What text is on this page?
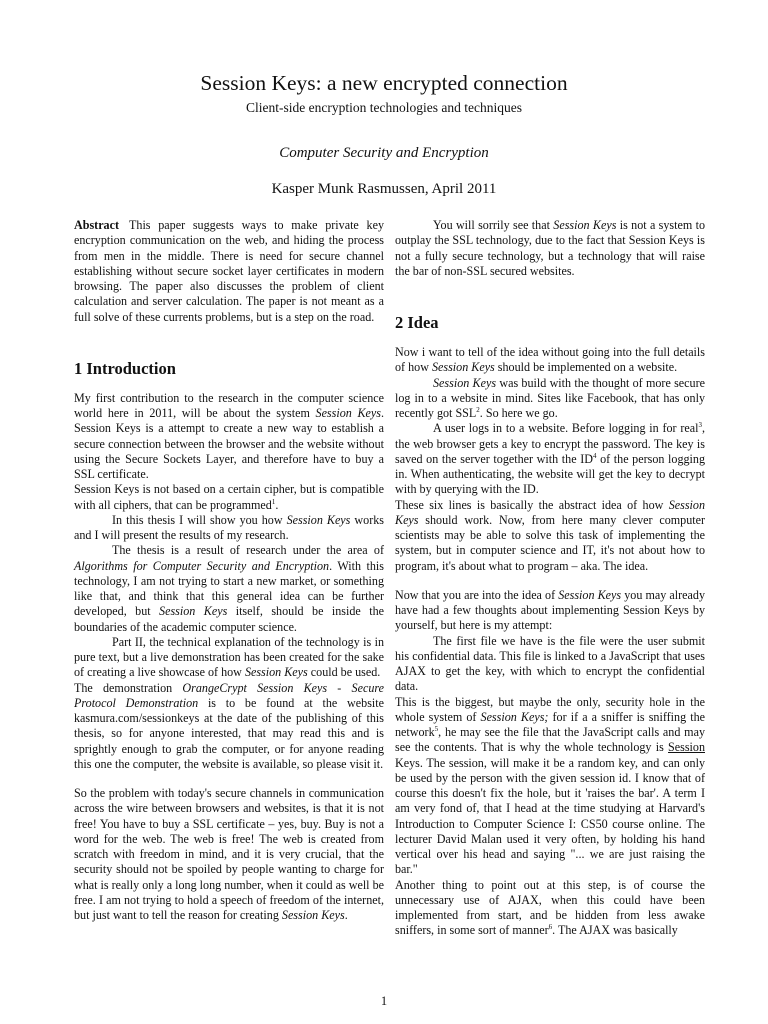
Session Keys: a new encrypted connection
Client-side encryption technologies and techniques
Computer Security and Encryption
Kasper Munk Rasmussen, April 2011

Abstract This paper suggests ways to make private key encryption communication on the web, and hiding the process from men in the middle. There is need for secure channel establishing without secure socket layer certificates in modern browsing. The paper also discusses the problem of client calculation and server calculation. The paper is not meant as a full solve of these currents problems, but is a step on the road.

1 Introduction

My first contribution to the research in the computer science world here in 2011, will be about the system Session Keys. Session Keys is a attempt to create a new way to establish a secure connection between the browser and the website without using the Secure Sockets Layer, and therefore have to buy a SSL certificate.

Session Keys is not based on a certain cipher, but is compatible with all ciphers, that can be programmed$^1$.

In this thesis I will show you how Session Keys works and I will present the results of my research.

The thesis is a result of research under the area of Algorithms for Computer Security and Encryption. With this technology, I am not trying to start a new market, or something like that, and think that this general idea can be further developed, but Session Keys itself, should be inside the boundaries of the academic computer science.

Part II, the technical explanation of the technology is in pure text, but a live demonstration has been created for the sake of creating a live showcase of how Session Keys could be used.

The demonstration OrangeCrypt Session Keys - Secure Protocol Demonstration is to be found at the website kasmura.com/sessionkeys at the date of the publishing of this thesis, so for anyone interested, that may read this and is sprightly enough to grab the computer, or for anyone reading this one the computer, the website is available, so please visit it.

So the problem with today's secure channels in communication across the wire between browsers and websites, is that it is not free! You have to buy a SSL certificate – yes, buy. Buy is not a word for the web. The web is free! The web is created from scratch with freedom in mind, and it is very crucial, that the security should not be spoiled by people wanting to charge for what is really only a long long number, when it could as well be free. I am not trying to hold a speech of freedom of the internet, but just want to tell the reason for creating Session Keys.

You will sorrily see that Session Keys is not a system to outplay the SSL technology, due to the fact that Session Keys is not a fully secure technology, but a technology that will raise the bar of non-SSL secured websites.

2 Idea

Now i want to tell of the idea without going into the full details of how Session Keys should be implemented on a website.

Session Keys was build with the thought of more secure log in to a website in mind. Sites like Facebook, that has only recently got SSL$^2$. So here we go.

A user logs in to a website. Before logging in for real$^3$, the web browser gets a key to encrypt the password. The key is saved on the server together with the $ID^4$ of the person logging in. When authenticating, the website will get the key to decrypt with by querying with the ID.

These six lines is basically the abstract idea of how Session Keys should work. Now, from here many clever computer scientists may be able to solve this task of implementing the system, but in computer science and IT, it's not about how to program, it's about what to program – aka. The idea.

Now that you are into the idea of Session Keys you may already have had a few thoughts about implementing Session Keys by yourself, but here is my attempt:

The first file we have is the file were the user submit his confidential data. This file is linked to a JavaScript that uses AJAX to get the key, with which to encrypt the confidential data.

This is the biggest, but maybe the only, security hole in the whole system of Session Keys; for if a a sniffer is sniffing the network$^5$, he may see the file that the JavaScript calls and may see the contents. That is why the whole technology is Session Keys. The session, will make it be a random key, and can only be used by the person with the given session id. I know that of course this doesn't fix the hole, but it 'raises the bar'. A term I am very fond of, that I head at the time studying at Harvard's Introduction to Computer Science I: CS50 course online. The lecturer David Malan used it very often, by holding his hand vertical over his head and saying "... we are just raising the bar."

Another thing to point out at this step, is of course the unnecessary use of AJAX, when this could have been implemented from start, and be hidden from less awake sniffers, in some sort of manner$^6$. The AJAX was basically

1
